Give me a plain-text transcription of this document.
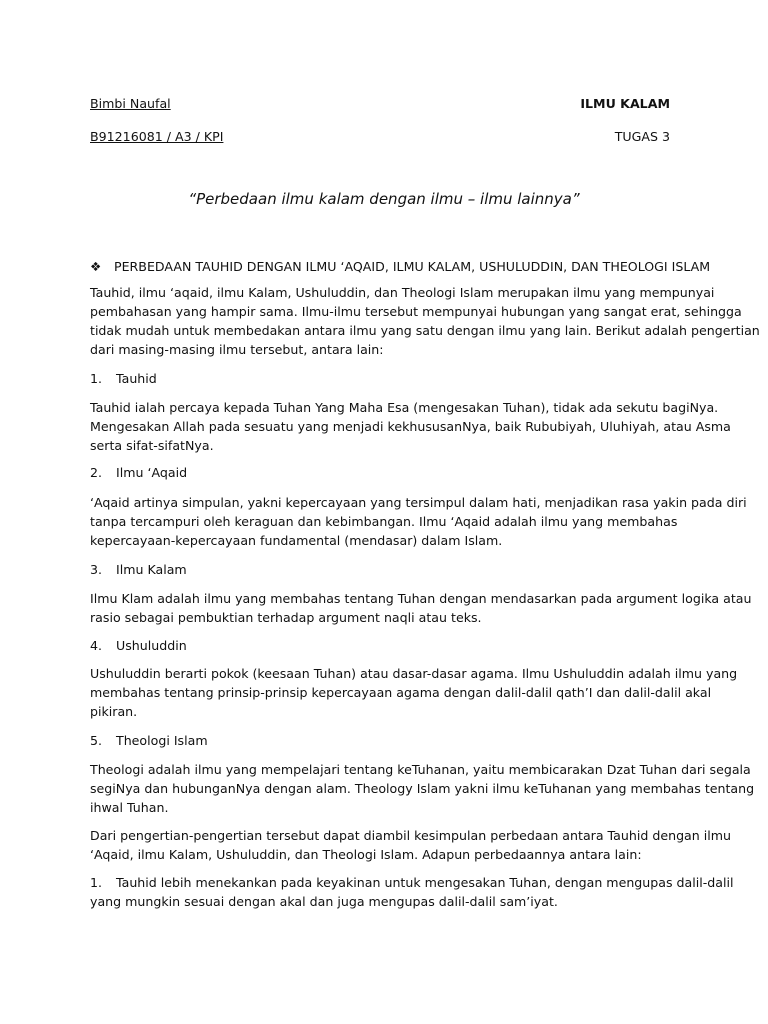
Bimbi Naufal
B91216081 / A3 / KPI
ILMU KALAM
TUGAS 3
“Perbedaan ilmu kalam dengan ilmu – ilmu lainnya”
❖ PERBEDAAN TAUHID DENGAN ILMU ‘AQAID, ILMU KALAM, USHULUDDIN, DAN THEOLOGI ISLAM
Tauhid, ilmu ‘aqaid, ilmu Kalam, Ushuluddin, dan Theologi Islam merupakan ilmu yang mempunyai
pembahasan yang hampir sama. Ilmu-ilmu tersebut mempunyai hubungan yang sangat erat, sehingga
tidak mudah untuk membedakan antara ilmu yang satu dengan ilmu yang lain. Berikut adalah pengertian
dari masing-masing ilmu tersebut, antara lain:
1. Tauhid
Tauhid ialah percaya kepada Tuhan Yang Maha Esa (mengesakan Tuhan), tidak ada sekutu bagiNya.
Mengesakan Allah pada sesuatu yang menjadi kekhususanNya, baik Rububiyah, Uluhiyah, atau Asma
serta sifat-sifatNya.
2. Ilmu ‘Aqaid
‘Aqaid artinya simpulan, yakni kepercayaan yang tersimpul dalam hati, menjadikan rasa yakin pada diri
tanpa tercampuri oleh keraguan dan kebimbangan. Ilmu ‘Aqaid adalah ilmu yang membahas
kepercayaan-kepercayaan fundamental (mendasar) dalam Islam.
3. Ilmu Kalam
Ilmu Klam adalah ilmu yang membahas tentang Tuhan dengan mendasarkan pada argument logika atau
rasio sebagai pembuktian terhadap argument naqli atau teks.
4. Ushuluddin
Ushuluddin berarti pokok (keesaan Tuhan) atau dasar-dasar agama. Ilmu Ushuluddin adalah ilmu yang
membahas tentang prinsip-prinsip kepercayaan agama dengan dalil-dalil qath’I dan dalil-dalil akal
pikiran.
5. Theologi Islam
Theologi adalah ilmu yang mempelajari tentang keTuhanan, yaitu membicarakan Dzat Tuhan dari segala
segiNya dan hubunganNya dengan alam. Theology Islam yakni ilmu keTuhanan yang membahas tentang
ihwal Tuhan.
Dari pengertian-pengertian tersebut dapat diambil kesimpulan perbedaan antara Tauhid dengan ilmu
‘Aqaid, ilmu Kalam, Ushuluddin, dan Theologi Islam. Adapun perbedaannya antara lain:
1. Tauhid lebih menekankan pada keyakinan untuk mengesakan Tuhan, dengan mengupas dalil-dalil
yang mungkin sesuai dengan akal dan juga mengupas dalil-dalil sam’iyat.
